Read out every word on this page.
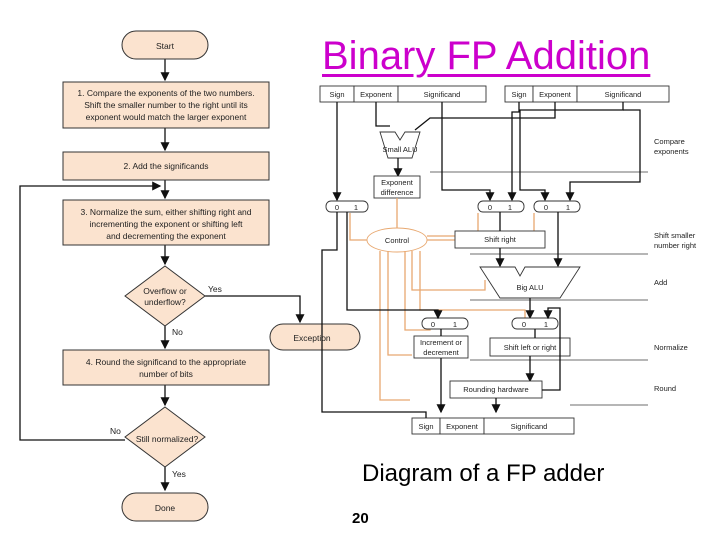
Binary FP Addition
Start
1. Compare the exponents of the two numbers.
Shift the smaller number to the right until its
exponent would match the larger exponent
2. Add the significands
3. Normalize the sum, either shifting right and
incrementing the exponent or shifting left
and decrementing the exponent
Overflow or
underflow?
Yes
No
Exception
4. Round the significand to the appropriate
number of bits
Still normalized?
No
Yes
Done
Sign Exponent	Significand	Sign Exponent	Significand
Small ALU
Exponent
difference
0 1	0 1	0 1
Control	Shift right
Big ALU
0 1	0 1
Increment or
decrement
Shift left or right
Rounding hardware
Sign Exponent	Significand
Compare
exponents
Shift smaller
number right
Add
Normalize
Round
Diagram of a FP adder
20
